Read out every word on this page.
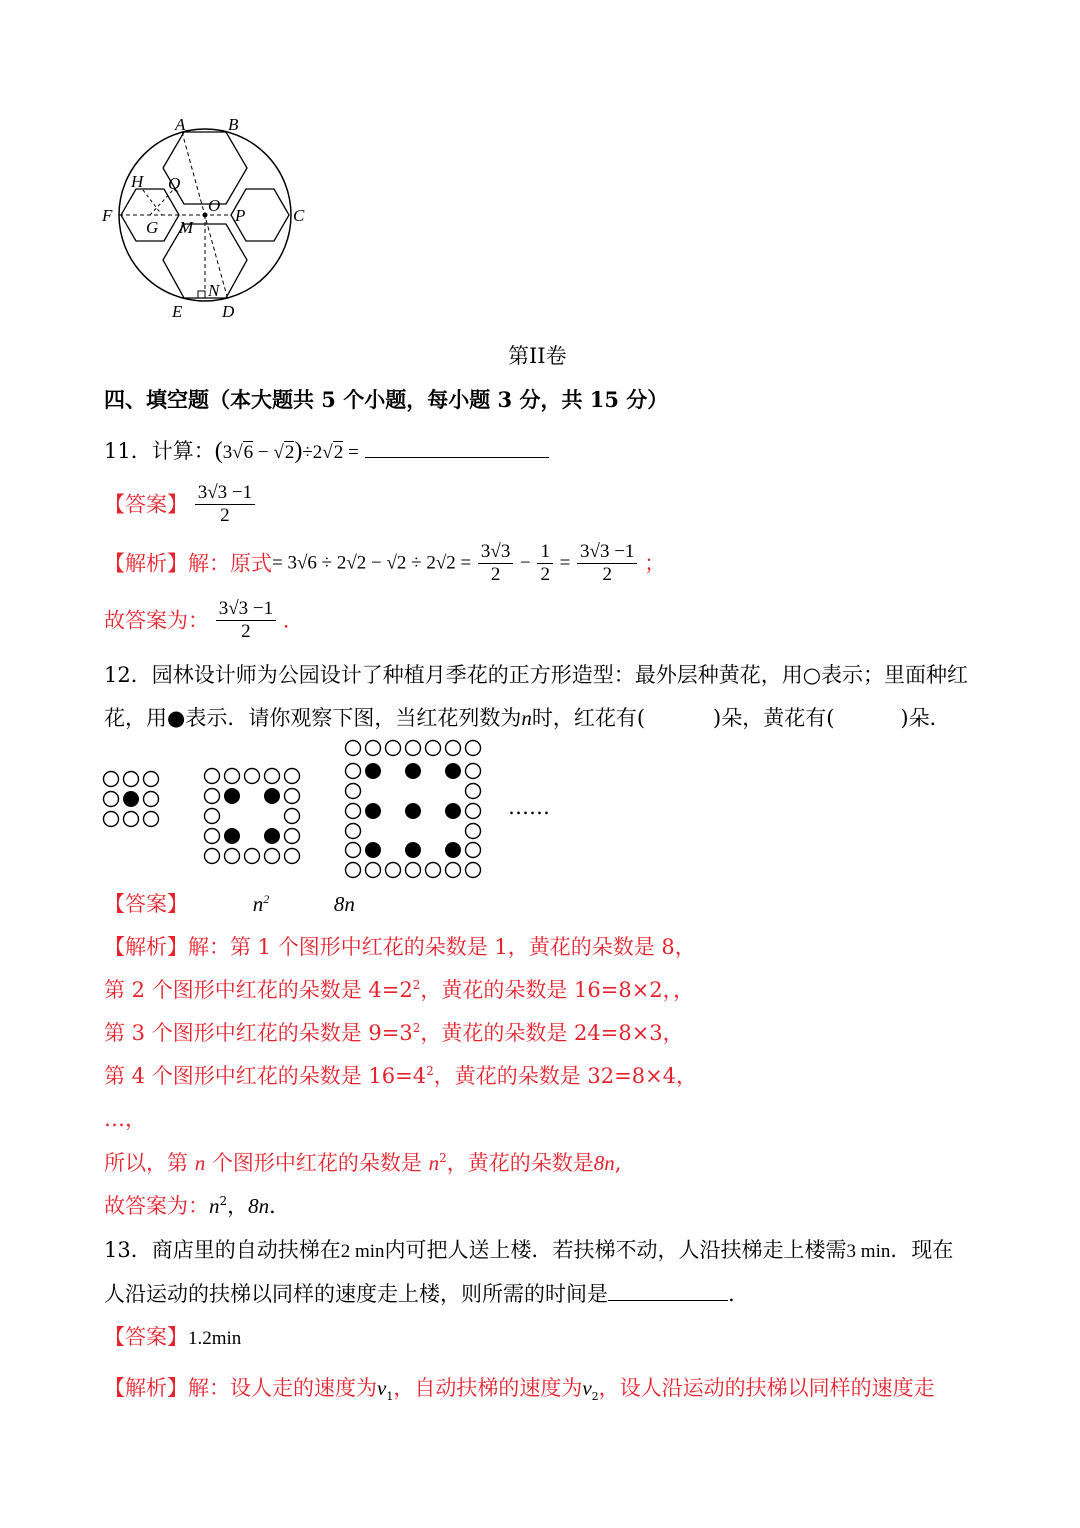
A	B
C
D
E
F
G
H
M
N
O
P
Q
第II卷
四、填空题（本大题共 5 个小题，每小题 3 分，共 15 分）
11．计算：(3√6 − √2)÷2√2 =
【答案】 $\frac{3√3 -1}{2}$
【解析】解：原式= $3√6 \div 2√2 - √2 \div 2√2 = \frac{3√3}{2} - \frac{1}{2} = \frac{3√3 -1}{2}$ ；
故答案为： $\frac{3√3 -1}{2}$ .
12．园林设计师为公园设计了种植月季花的正方形造型：最外层种黄花，用○表示；里面种红
花，用●表示．请你观察下图，当红花列数为n时，红花有(	)朵，黄花有(	)朵．
……
【答案】	$n^2$	8n
【解析】解：第 1 个图形中红花的朵数是 1，黄花的朵数是 8，
第 2 个图形中红花的朵数是 $4=2^2$，黄花的朵数是 16=8×2，，
第 3 个图形中红花的朵数是 $9=3^2$，黄花的朵数是 24=8×3，
第 4 个图形中红花的朵数是 $16=4^2$，黄花的朵数是 32=8×4，
…，
所以，第 n 个图形中红花的朵数是 $n^2$，黄花的朵数是8n,
故答案为：$n^2$，8n．
13．商店里的自动扶梯在2 min内可把人送上楼．若扶梯不动，人沿扶梯走上楼需3 min．现在
人沿运动的扶梯以同样的速度走上楼，则所需的时间是	.
【答案】1.2min
【解析】解：设人走的速度为$v_1$，自动扶梯的速度为$v_2$，设人沿运动的扶梯以同样的速度走
